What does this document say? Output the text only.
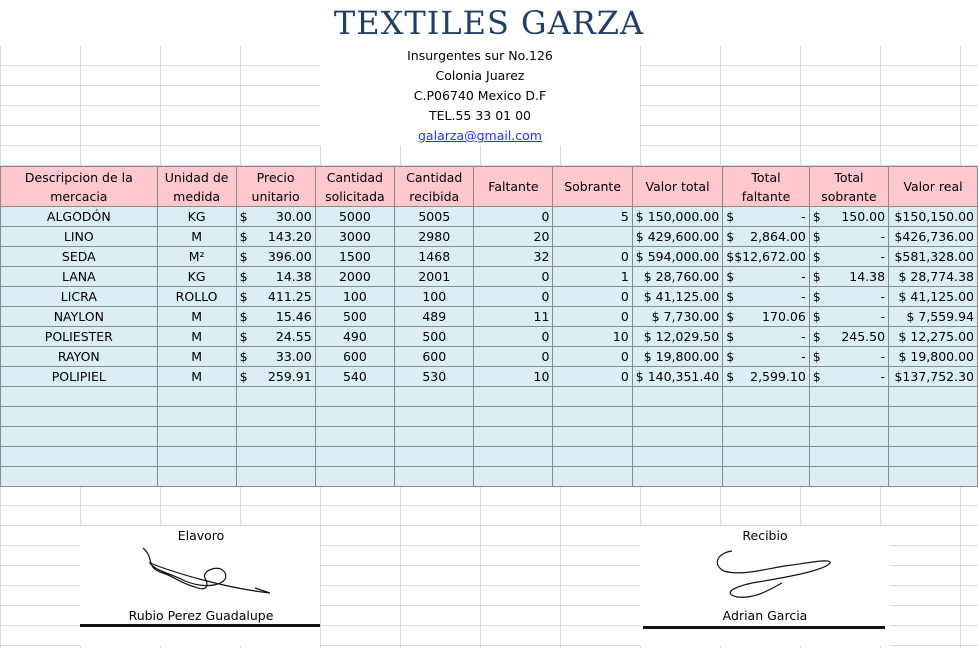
TEXTILES GARZA
Insurgentes sur No.126
Colonia Juarez
C.P06740 Mexico D.F
TEL.55 33 01 00
galarza@gmail.com
Descripcion de la mercacia	Unidad de medida	Precio unitario	Cantidad solicitada	Cantidad recibida	Faltante	Sobrante	Valor total	Total faltante	Total sobrante	Valor real
ALGODÓN	KG	$ 30.00	5000	5005	0	5	$ 150,000.00	$ -	$ 150.00	$150,150.00
LINO	M	$ 143.20	3000	2980	20		$ 429,600.00	$ 2,864.00	$ -	$426,736.00
SEDA	M²	$ 396.00	1500	1468	32	0	$ 594,000.00	$ $12,672.00	$ -	$581,328.00
LANA	KG	$ 14.38	2000	2001	0	1	$ 28,760.00	$ -	$ 14.38	$ 28,774.38
LICRA	ROLLO	$ 411.25	100	100	0	0	$ 41,125.00	$ -	$ -	$ 41,125.00
NAYLON	M	$ 15.46	500	489	11	0	$ 7,730.00	$ 170.06	$ -	$ 7,559.94
POLIESTER	M	$ 24.55	490	500	0	10	$ 12,029.50	$ -	$ 245.50	$ 12,275.00
RAYON	M	$ 33.00	600	600	0	0	$ 19,800.00	$ -	$ -	$ 19,800.00
POLIPIEL	M	$ 259.91	540	530	10	0	$ 140,351.40	$ 2,599.10	$ -	$137,752.30

Elavoro
Rubio Perez Guadalupe
Recibio
Adrian Garcia
